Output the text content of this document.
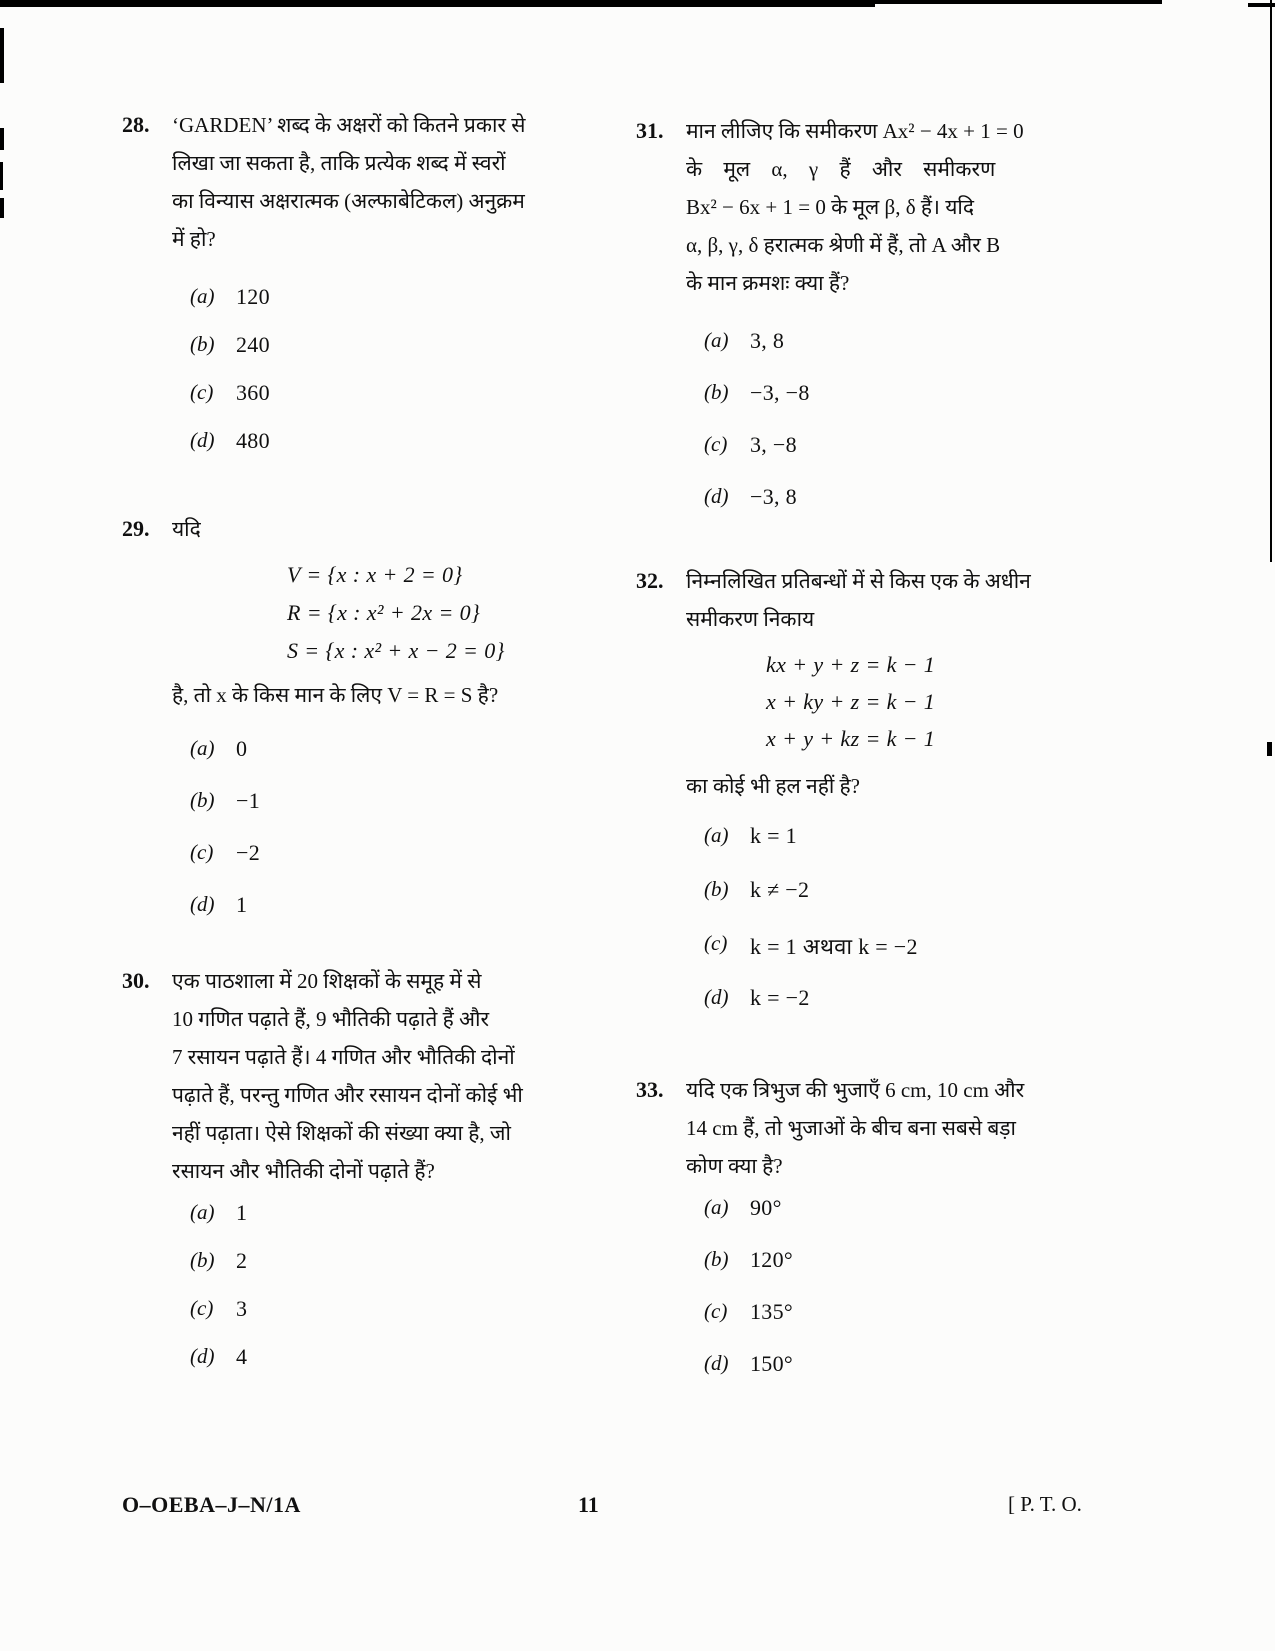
28.	‘GARDEN’ शब्द के अक्षरों को कितने प्रकार से
लिखा जा सकता है, ताकि प्रत्येक शब्द में स्वरों
का विन्यास अक्षरात्मक (अल्फाबेटिकल) अनुक्रम
में हो?
(a) 120
(b) 240
(c)	360
(d) 480
29.	यदि
V = {x : x + 2 = 0}
R = {x : x² + 2x = 0}
S = {x : x² + x − 2 = 0}
है, तो x के किस मान के लिए V = R = S है?
(a) 0
(b) −1
(c)	−2
(d) 1
30.	एक पाठशाला में 20 शिक्षकों के समूह में से
10 गणित पढ़ाते हैं, 9 भौतिकी पढ़ाते हैं और
7 रसायन पढ़ाते हैं। 4 गणित और भौतिकी दोनों
पढ़ाते हैं, परन्तु गणित और रसायन दोनों कोई भी
नहीं पढ़ाता। ऐसे शिक्षकों की संख्या क्या है, जो
रसायन और भौतिकी दोनों पढ़ाते हैं?
(a) 1
(b) 2
(c)	3
(d) 4
31.	मान लीजिए कि समीकरण Ax² − 4x + 1 = 0
के मूल α, γ हैं और समीकरण
Bx² − 6x + 1 = 0 के मूल β, δ हैं। यदि
α, β, γ, δ हरात्मक श्रेणी में हैं, तो A और B
के मान क्रमशः क्या हैं?
(a) 3, 8
(b) −3, −8
(c)	3, −8
(d) −3, 8
32.	निम्नलिखित प्रतिबन्धों में से किस एक के अधीन
समीकरण निकाय
kx + y + z = k − 1
x + ky + z = k − 1
x + y + kz = k − 1
का कोई भी हल नहीं है?
(a) k = 1
(b) k ≠ −2
(c)	k = 1 अथवा k = −2
(d) k = −2
33.	यदि एक त्रिभुज की भुजाएँ 6 cm, 10 cm और
14 cm हैं, तो भुजाओं के बीच बना सबसे बड़ा
कोण क्या है?
(a) 90°
(b) 120°
(c)	135°
(d) 150°
O–OEBA–J–N/1A	11	[ P. T. O.
